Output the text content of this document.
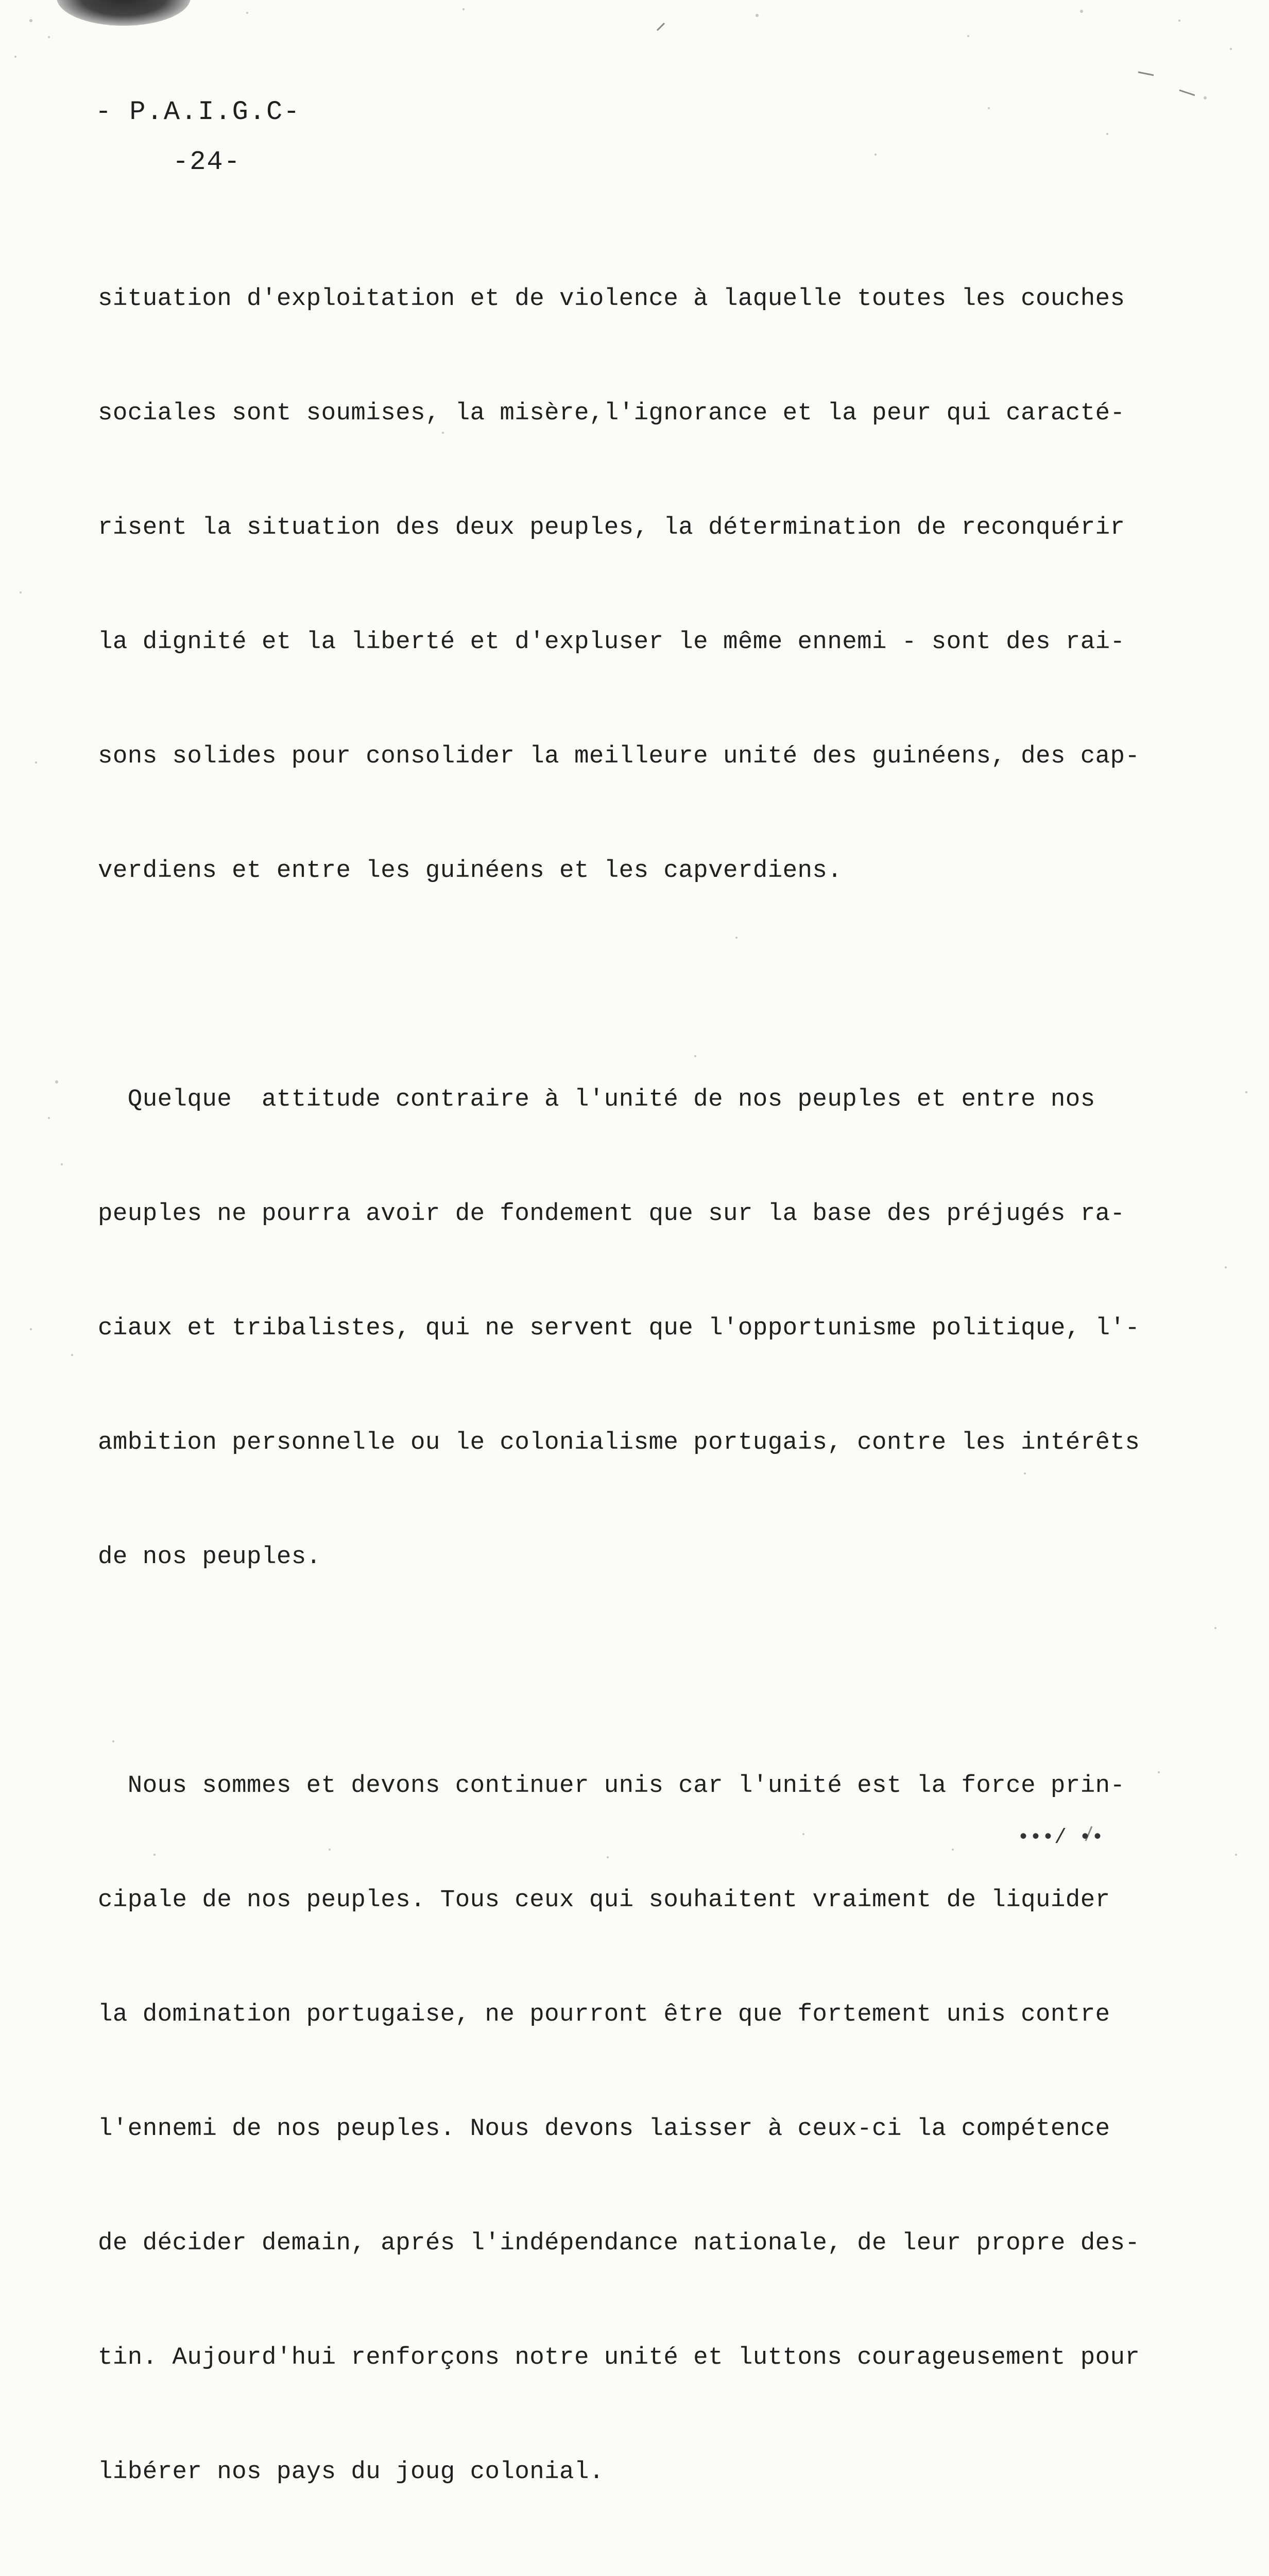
- P.A.I.G.C-
-24-

situation d'exploitation et de violence à laquelle toutes les couches

sociales sont soumises, la misère,l'ignorance et la peur qui caracté-

risent la situation des deux peuples, la détermination de reconquérir

la dignité et la liberté et d'expluser le même ennemi - sont des rai-

sons solides pour consolider la meilleure unité des guinéens, des cap-

verdiens et entre les guinéens et les capverdiens.

Quelque  attitude contraire à l'unité de nos peuples et entre nos

peuples ne pourra avoir de fondement que sur la base des préjugés ra-

ciaux et tribalistes, qui ne servent que l'opportunisme politique, l'-

ambition personnelle ou le colonialisme portugais, contre les intérêts

de nos peuples.

Nous sommes et devons continuer unis car l'unité est la force prin-

cipale de nos peuples. Tous ceux qui souhaitent vraiment de liquider

la domination portugaise, ne pourront être que fortement unis contre

l'ennemi de nos peuples. Nous devons laisser à ceux-ci la compétence

de décider demain, aprés l'indépendance nationale, de leur propre des-

tin. Aujourd'hui renforçons notre unité et luttons courageusement pour

libérer nos pays du joug colonial.

•••/ ••
